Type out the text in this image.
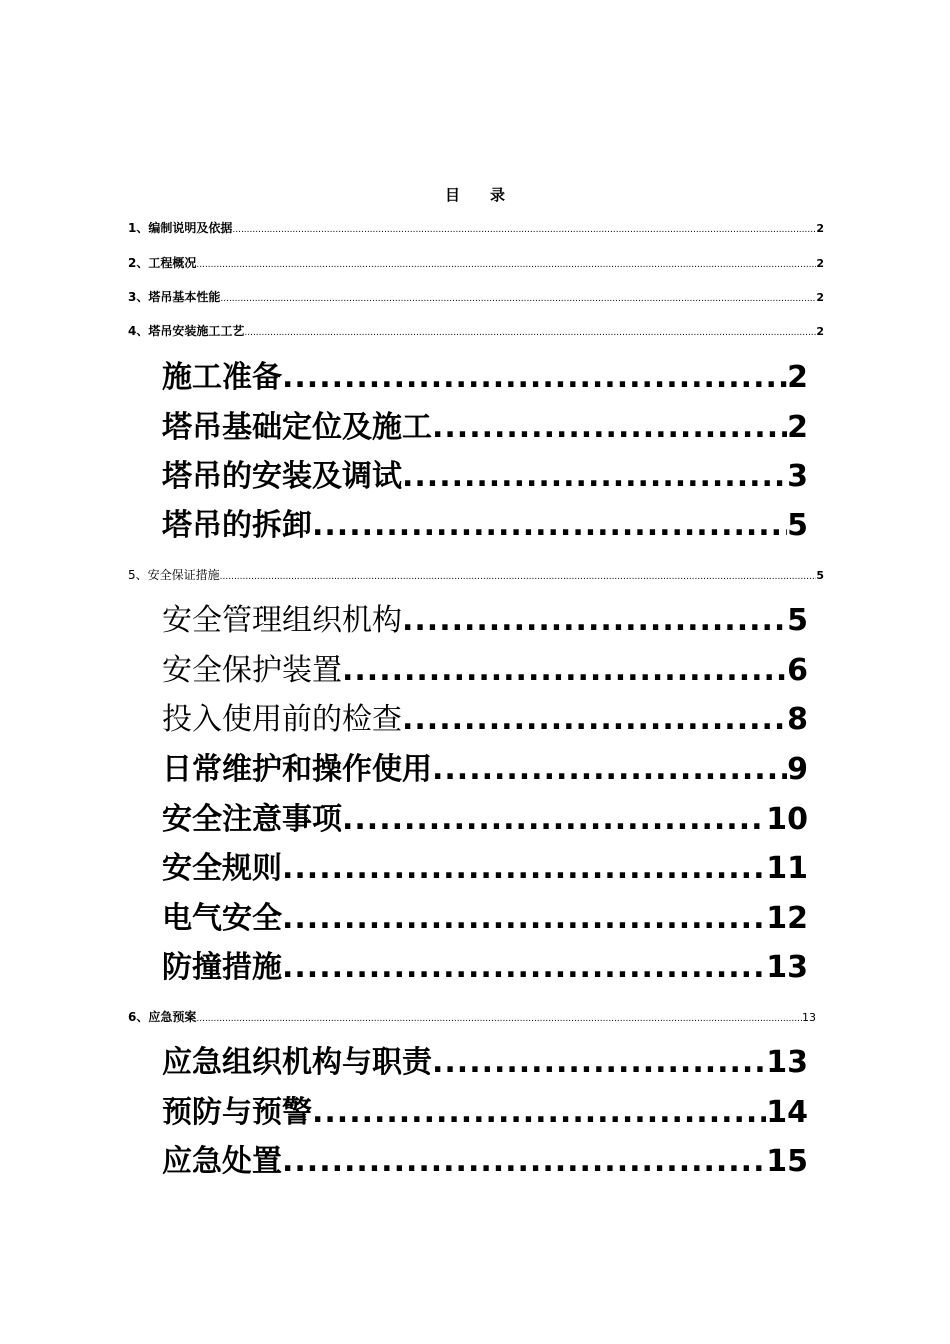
目录
1、编制说明及依据 .....	2
2、工程概况 .....	2
3、塔吊基本性能 .....	2
4、塔吊安装施工工艺 .....	2
施工准备 .....	2
塔吊基础定位及施工 .....	2
塔吊的安装及调试 .....	3
塔吊的拆卸 .....	5
5、安全保证措施 .....	5
安全管理组织机构 .....	5
安全保护装置 .....	6
投入使用前的检查 .....	8
日常维护和操作使用 .....	9
安全注意事项 .....	10
安全规则 .....	11
电气安全 .....	12
防撞措施 .....	13
6、应急预案 .....	13
应急组织机构与职责 .....	13
预防与预警 .....	14
应急处置 .....	15
